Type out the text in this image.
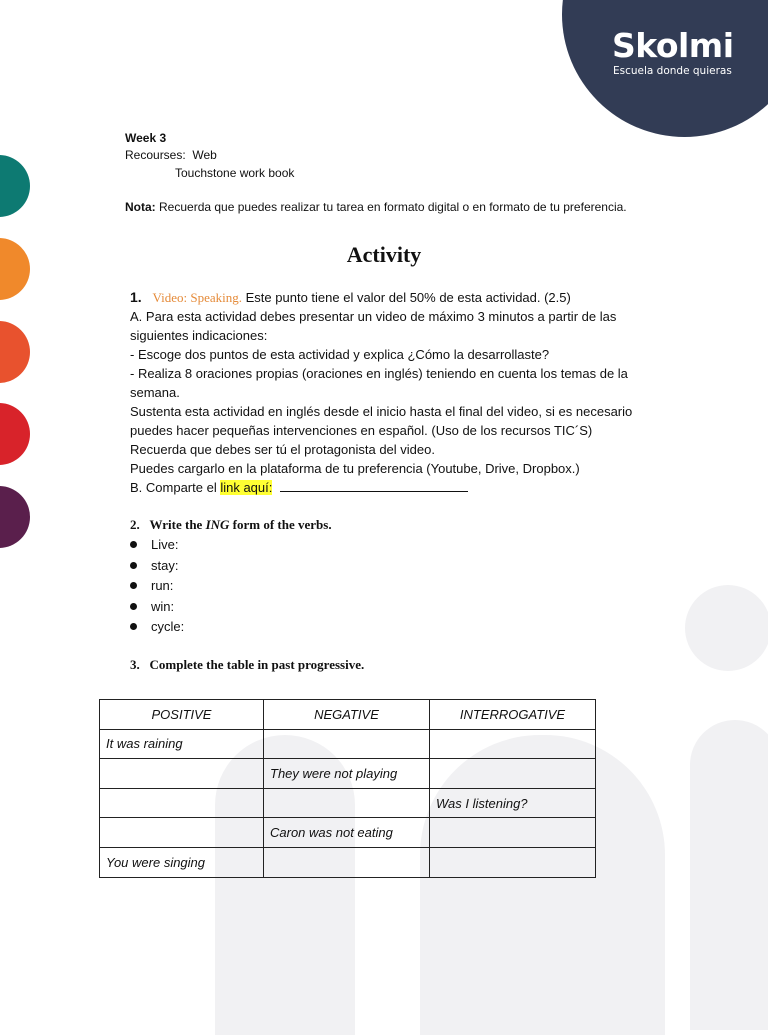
Skolmi
Escuela donde quieras
Week 3
Recourses: Web
Touchstone work book
Nota: Recuerda que puedes realizar tu tarea en formato digital o en formato de tu preferencia.
Activity
1. Video: Speaking. Este punto tiene el valor del 50% de esta actividad. (2.5)
A. Para esta actividad debes presentar un video de máximo 3 minutos a partir de las
siguientes indicaciones:
- Escoge dos puntos de esta actividad y explica ¿Cómo la desarrollaste?
- Realiza 8 oraciones propias (oraciones en inglés) teniendo en cuenta los temas de la
semana.
Sustenta esta actividad en inglés desde el inicio hasta el final del video, si es necesario
puedes hacer pequeñas intervenciones en español. (Uso de los recursos TIC´S)
Recuerda que debes ser tú el protagonista del video.
Puedes cargarlo en la plataforma de tu preferencia (Youtube, Drive, Dropbox.)
B. Comparte el link aquí:
2. Write the ING form of the verbs.
Live:
stay:
run:
win:
cycle:
3. Complete the table in past progressive.
POSITIVE	NEGATIVE	INTERROGATIVE
It was raining		
	They were not playing	
		Was I listening?
	Caron was not eating	
You were singing		
